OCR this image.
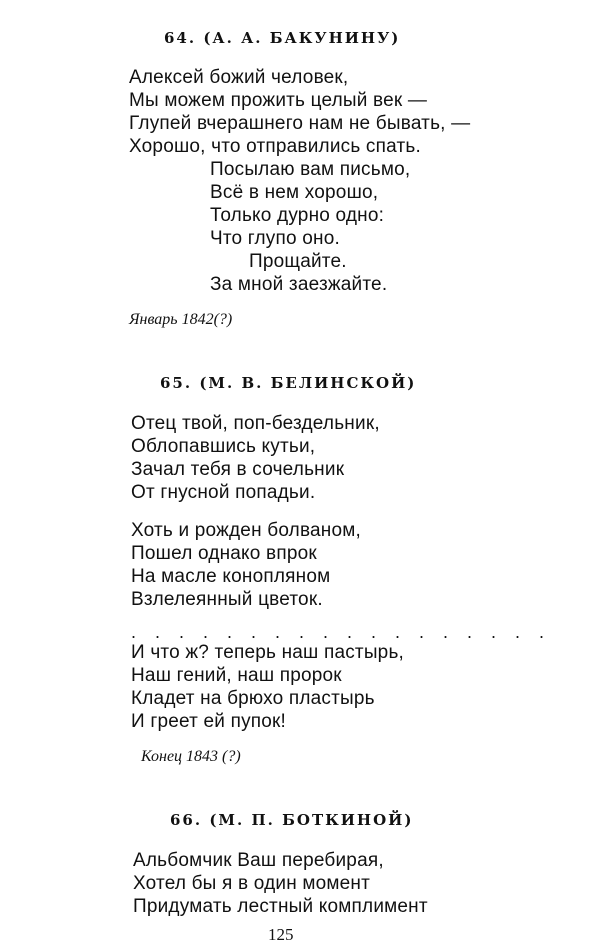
64. (А. А. БАКУНИНУ)
Алексей божий человек,
Мы можем прожить целый век —
Глупей вчерашнего нам не бывать, —
Хорошо, что отправились спать.
Посылаю вам письмо,
Всё в нем хорошо,
Только дурно одно:
Что глупо оно.
Прощайте.
За мной заезжайте.
Январь 1842(?)
65. (М. В. БЕЛИНСКОЙ)
Отец твой, поп-бездельник,
Облопавшись кутьи,
Зачал тебя в сочельник
От гнусной попадьи.
Хоть и рожден болваном,
Пошел однако впрок
На масле конопляном
Взлелеянный цветок.
. . . . . . . . . . . . . . . . . .
И что ж? теперь наш пастырь,
Наш гений, наш пророк
Кладет на брюхо пластырь
И греет ей пупок!
Конец 1843 (?)
66. (М. П. БОТКИНОЙ)
Альбомчик Ваш перебирая,
Хотел бы я в один момент
Придумать лестный комплимент
125
